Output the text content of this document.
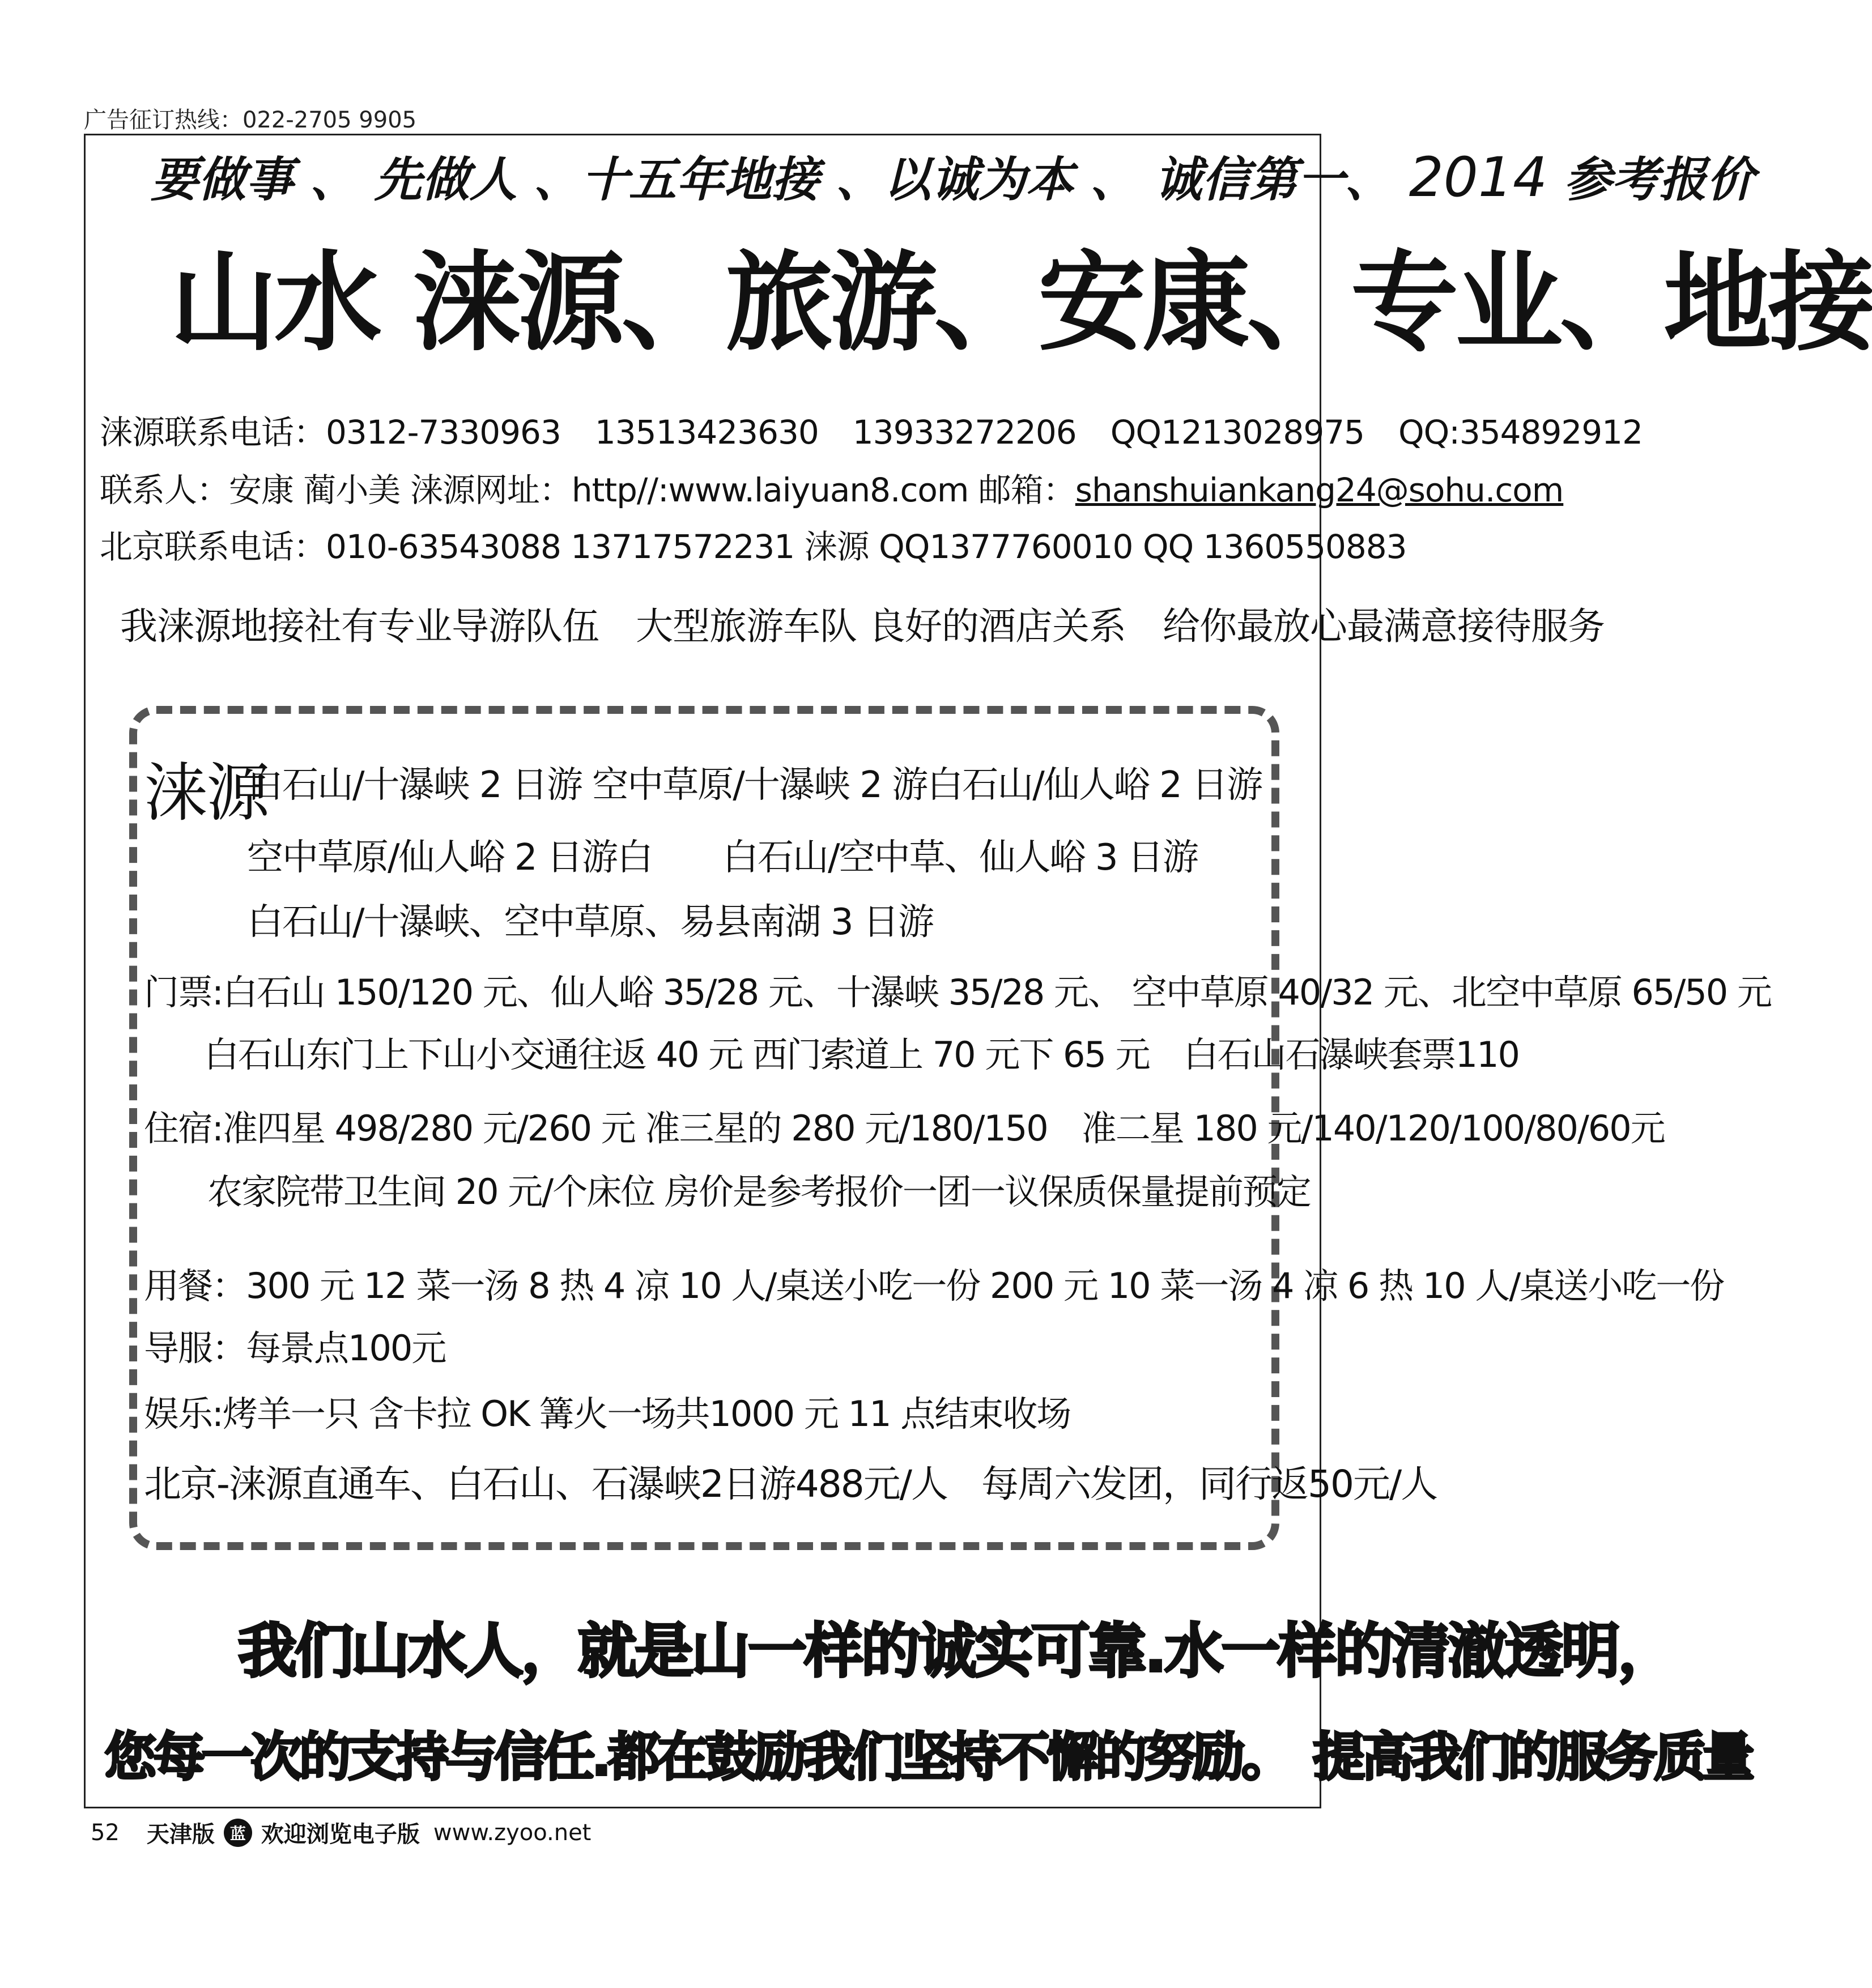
广告征订热线：022-2705 9905
要做事 、 先做人 、十五年地接 、以诚为本 、 诚信第一、 2014 参考报价
山水 涞源、旅游、安康、专业、地接
涞源联系电话：0312-7330963 13513423630 13933272206 QQ1213028975 QQ:354892912
联系人：安康 蔺小美 涞源网址：http//:www.laiyuan8.com 邮箱：shanshuiankang24@sohu.com
北京联系电话：010-63543088 13717572231 涞源 QQ1377760010 QQ 1360550883
我涞源地接社有专业导游队伍　大型旅游车队 良好的酒店关系　给你最放心最满意接待服务
涞源
白石山/十瀑峡 2 日游 空中草原/十瀑峡 2 游白石山/仙人峪 2 日游
空中草原/仙人峪 2 日游白　　白石山/空中草、仙人峪 3 日游
白石山/十瀑峡、空中草原、易县南湖 3 日游
门票:白石山 150/120 元、仙人峪 35/28 元、十瀑峡 35/28 元、 空中草原 40/32 元、北空中草原 65/50 元
白石山东门上下山小交通往返 40 元 西门索道上 70 元下 65 元　白石山石瀑峡套票110
住宿:准四星 498/280 元/260 元 准三星的 280 元/180/150　准二星 180 元/140/120/100/80/60元
农家院带卫生间 20 元/个床位 房价是参考报价一团一议保质保量提前预定
用餐：300 元 12 菜一汤 8 热 4 凉 10 人/桌送小吃一份 200 元 10 菜一汤 4 凉 6 热 10 人/桌送小吃一份
导服：每景点100元
娱乐:烤羊一只 含卡拉 OK 篝火一场共1000 元 11 点结束收场
北京-涞源直通车、白石山、石瀑峡2日游488元/人 每周六发团，同行返50元/人
我们山水人，就是山一样的诚实可靠.水一样的清澈透明，
您每一次的支持与信任.都在鼓励我们坚持不懈的努励。 提高我们的服务质量
52 天津版 蓝 欢迎浏览电子版 www.zyoo.net
